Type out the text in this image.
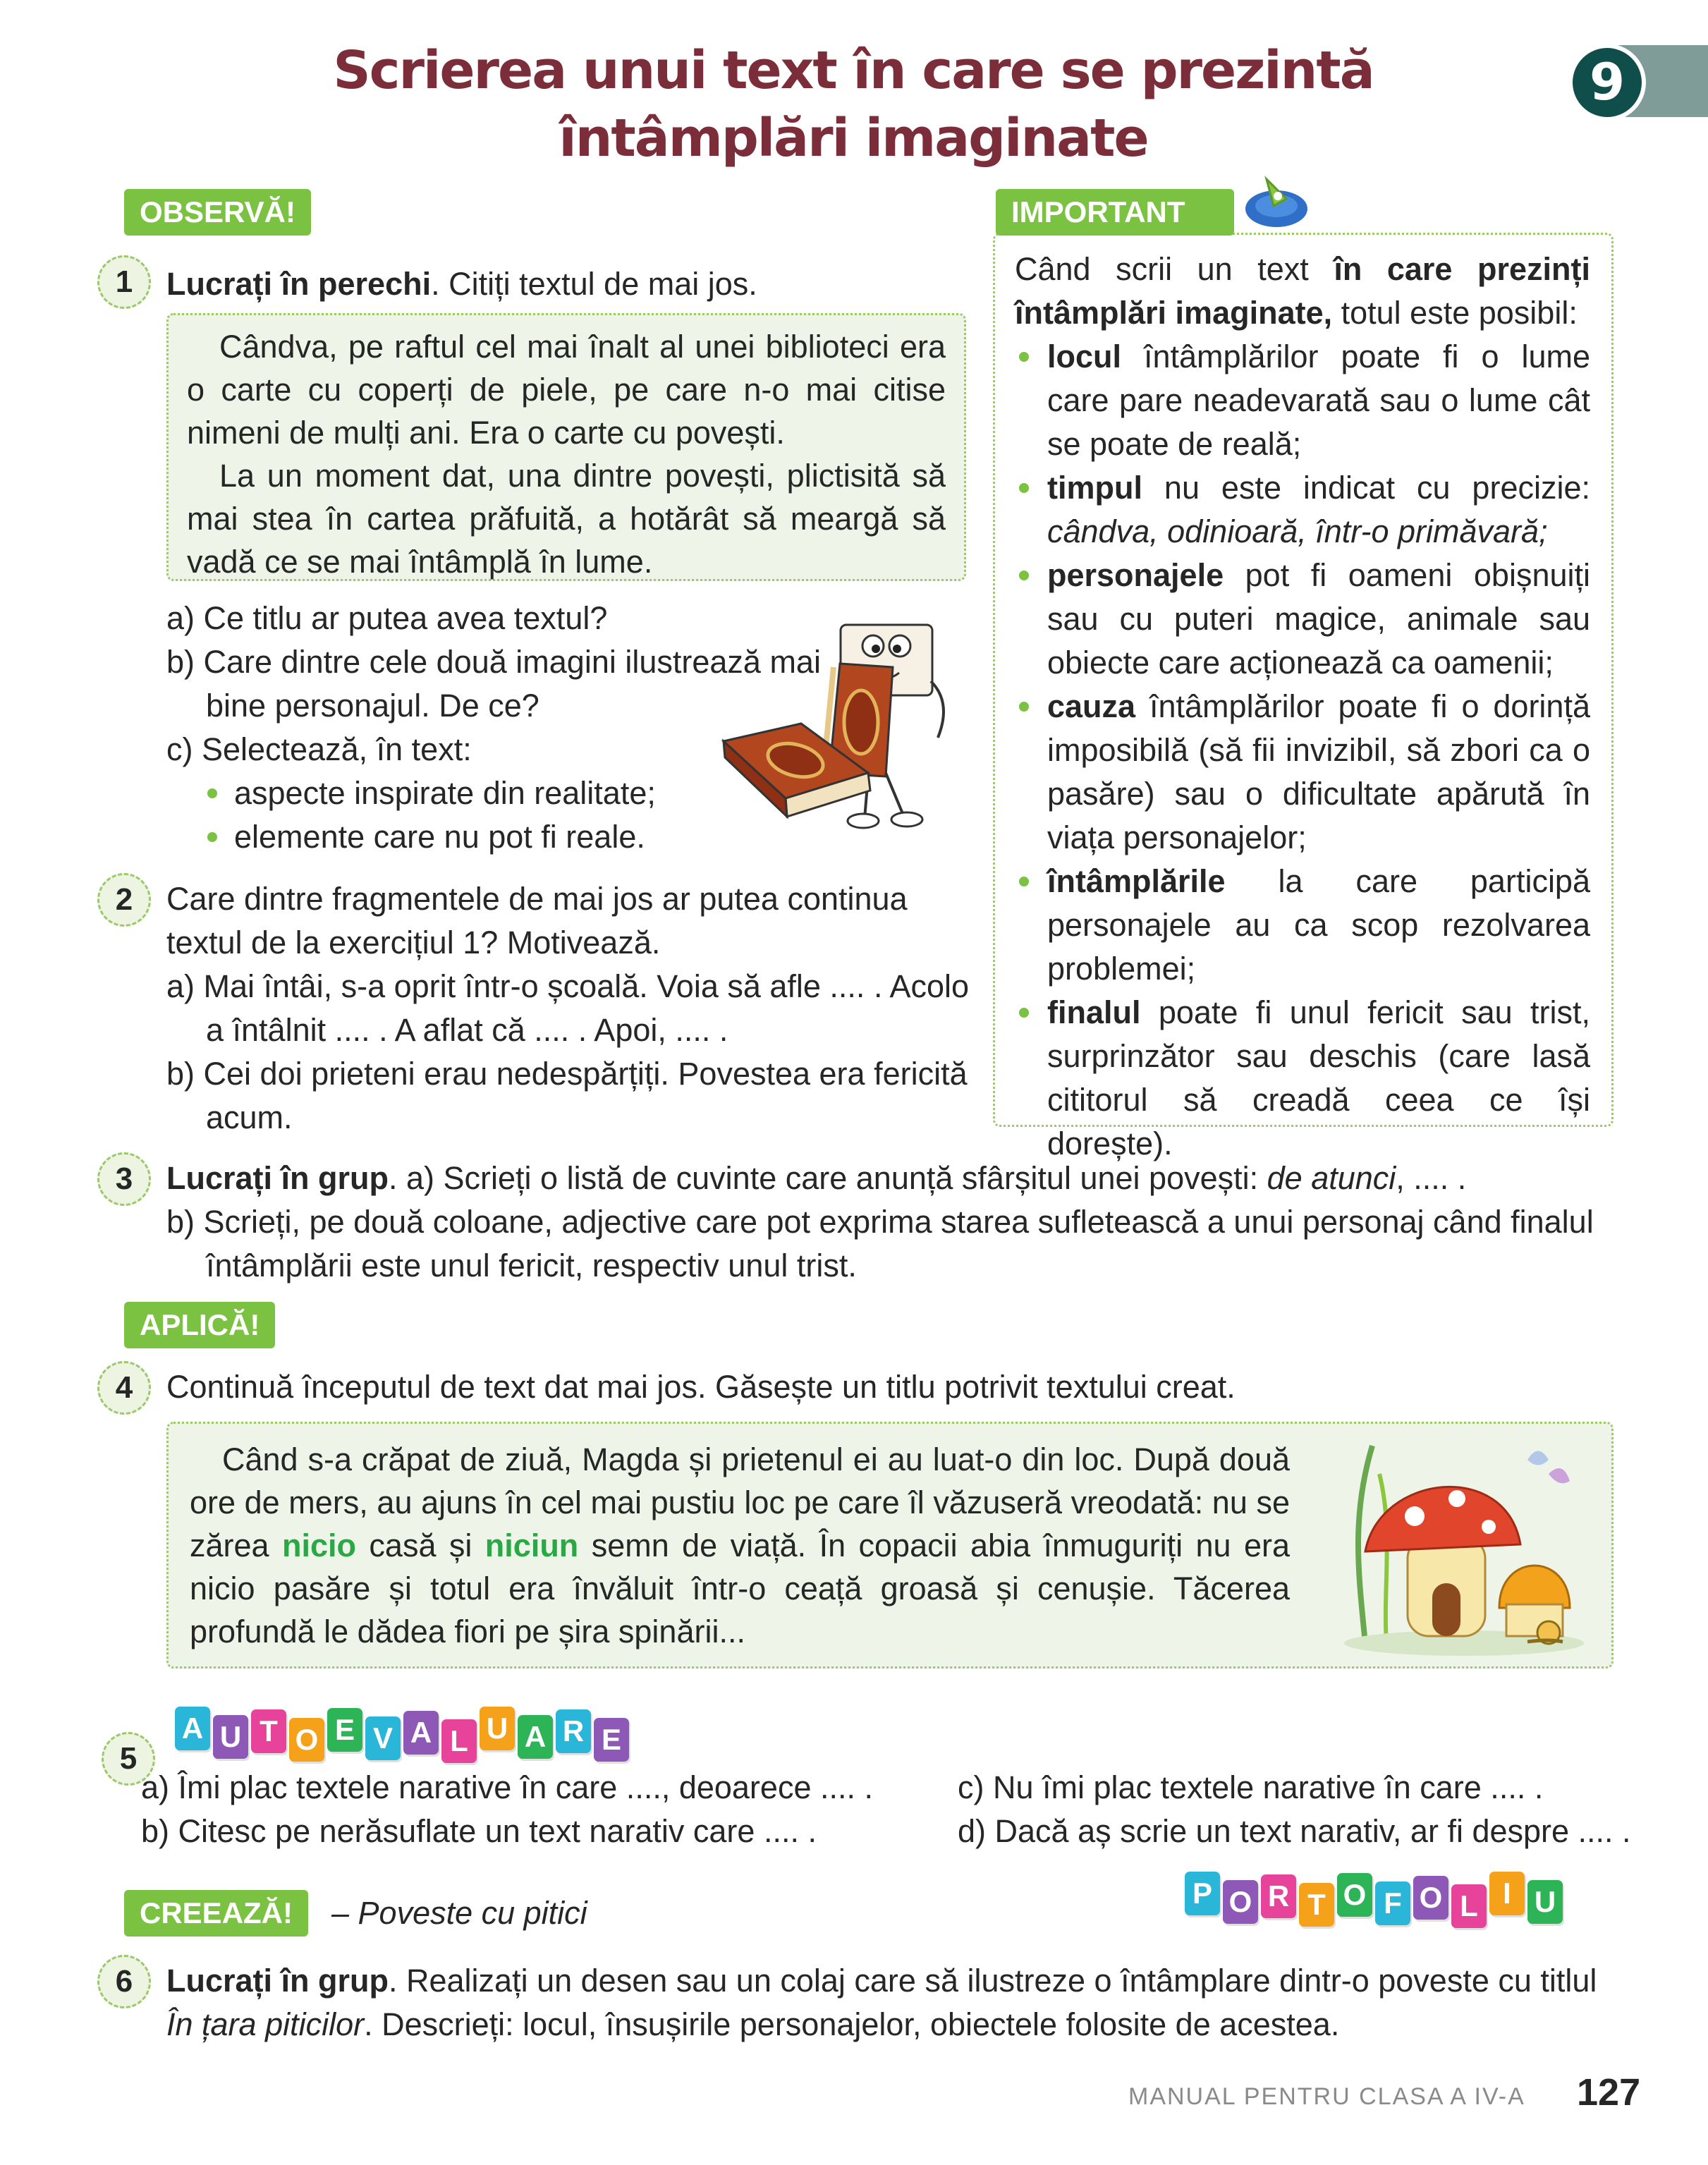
Scrierea unui text în care se prezintă
întâmplări imaginate
9
OBSERVĂ!
1	Lucrați în perechi. Citiți textul de mai jos.

Cândva, pe raftul cel mai înalt al unei biblioteci era o carte cu coperți de piele, pe care n-o mai citise nimeni de mulți ani. Era o carte cu povești.

La un moment dat, una dintre povești, plictisită să mai stea în cartea prăfuită, a hotărât să meargă să vadă ce se mai întâmplă în lume.

a) Ce titlu ar putea avea textul?
b) Care dintre cele două imagini ilustrează mai bine personajul. De ce?
c) Selectează, în text:
aspecte inspirate din realitate;
elemente care nu pot fi reale.
2	Care dintre fragmentele de mai jos ar putea continua textul de la exercițiul 1? Motivează.
a) Mai întâi, s-a oprit într-o școală. Voia să afle .... . Acolo a întâlnit .... . A aflat că .... . Apoi, .... .
b) Cei doi prieteni erau nedespărțiți. Povestea era fericită acum.
IMPORTANT
Când scrii un text în care prezinți întâmplări imaginate, totul este posibil:
locul întâmplărilor poate fi o lume care pare neadevarată sau o lume cât se poate de reală;
timpul nu este indicat cu precizie: cândva, odinioară, într-o primăvară;
personajele pot fi oameni obișnuiți sau cu puteri magice, animale sau obiecte care acționează ca oamenii;
cauza întâmplărilor poate fi o dorință imposibilă (să fii invizibil, să zbori ca o pasăre) sau o dificultate apărută în viața personajelor;
întâmplările la care participă personajele au ca scop rezolvarea problemei;
finalul poate fi unul fericit sau trist, surprinzător sau deschis (care lasă cititorul să creadă ceea ce își dorește).
3	Lucrați în grup. a) Scrieți o listă de cuvinte care anunță sfârșitul unei povești: de atunci, .... .
b) Scrieți, pe două coloane, adjective care pot exprima starea sufletească a unui personaj când finalul întâmplării este unul fericit, respectiv unul trist.
APLICĂ!
4	Continuă începutul de text dat mai jos. Găsește un titlu potrivit textului creat.

Când s-a crăpat de ziuă, Magda și prietenul ei au luat-o din loc. După două ore de mers, au ajuns în cel mai pustiu loc pe care îl văzuseră vreodată: nu se zărea nicio casă și niciun semn de viață. În copacii abia înmuguriți nu era nicio pasăre și totul era învăluit într-o ceață groasă și cenușie. Tăcerea profundă le dădea fiori pe șira spinării...

5
A U T O E V A L U A R E
a) Îmi plac textele narative în care ...., deoarece .... .
b) Citesc pe nerăsuflate un text narativ care .... .
c) Nu îmi plac textele narative în care .... .
d) Dacă aș scrie un text narativ, ar fi despre .... .
CREEAZĂ!	– Poveste cu pitici
P O R T O F O L I U
6	Lucrați în grup. Realizați un desen sau un colaj care să ilustreze o întâmplare dintr-o poveste cu titlul În țara piticilor. Descrieți: locul, însușirile personajelor, obiectele folosite de acestea.
MANUAL PENTRU CLASA A IV-A 127
